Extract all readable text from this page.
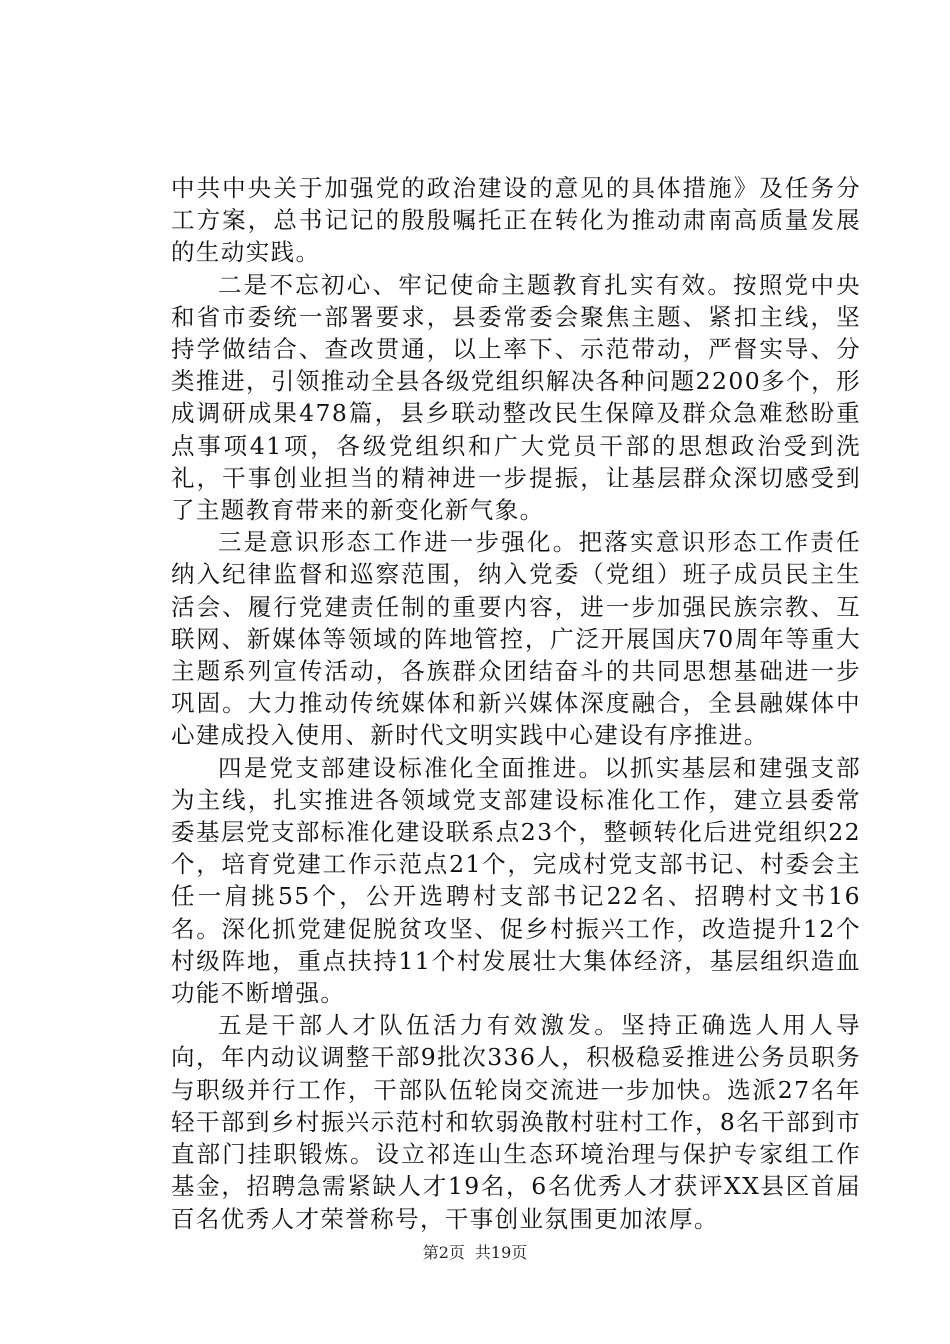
中共中央关于加强党的政治建设的意见的具体措施》及任务分工方案，总书记记的殷殷嘱托正在转化为推动肃南高质量发展的生动实践。

二是不忘初心、牢记使命主题教育扎实有效。按照党中央和省市委统一部署要求，县委常委会聚焦主题、紧扣主线，坚持学做结合、查改贯通，以上率下、示范带动，严督实导、分类推进，引领推动全县各级党组织解决各种问题2200多个，形成调研成果478篇，县乡联动整改民生保障及群众急难愁盼重点事项41项，各级党组织和广大党员干部的思想政治受到洗礼，干事创业担当的精神进一步提振，让基层群众深切感受到了主题教育带来的新变化新气象。

三是意识形态工作进一步强化。把落实意识形态工作责任纳入纪律监督和巡察范围，纳入党委（党组）班子成员民主生活会、履行党建责任制的重要内容，进一步加强民族宗教、互联网、新媒体等领域的阵地管控，广泛开展国庆70周年等重大主题系列宣传活动，各族群众团结奋斗的共同思想基础进一步巩固。大力推动传统媒体和新兴媒体深度融合，全县融媒体中心建成投入使用、新时代文明实践中心建设有序推进。

四是党支部建设标准化全面推进。以抓实基层和建强支部为主线，扎实推进各领域党支部建设标准化工作，建立县委常委基层党支部标准化建设联系点23个，整顿转化后进党组织22个，培育党建工作示范点21个，完成村党支部书记、村委会主任一肩挑55个，公开选聘村支部书记22名、招聘村文书16名。深化抓党建促脱贫攻坚、促乡村振兴工作，改造提升12个村级阵地，重点扶持11个村发展壮大集体经济，基层组织造血功能不断增强。

五是干部人才队伍活力有效激发。坚持正确选人用人导向，年内动议调整干部9批次336人，积极稳妥推进公务员职务与职级并行工作，干部队伍轮岗交流进一步加快。选派27名年轻干部到乡村振兴示范村和软弱涣散村驻村工作，8名干部到市直部门挂职锻炼。设立祁连山生态环境治理与保护专家组工作基金，招聘急需紧缺人才19名，6名优秀人才获评XX县区首届百名优秀人才荣誉称号，干事创业氛围更加浓厚。

第2页 共19页
